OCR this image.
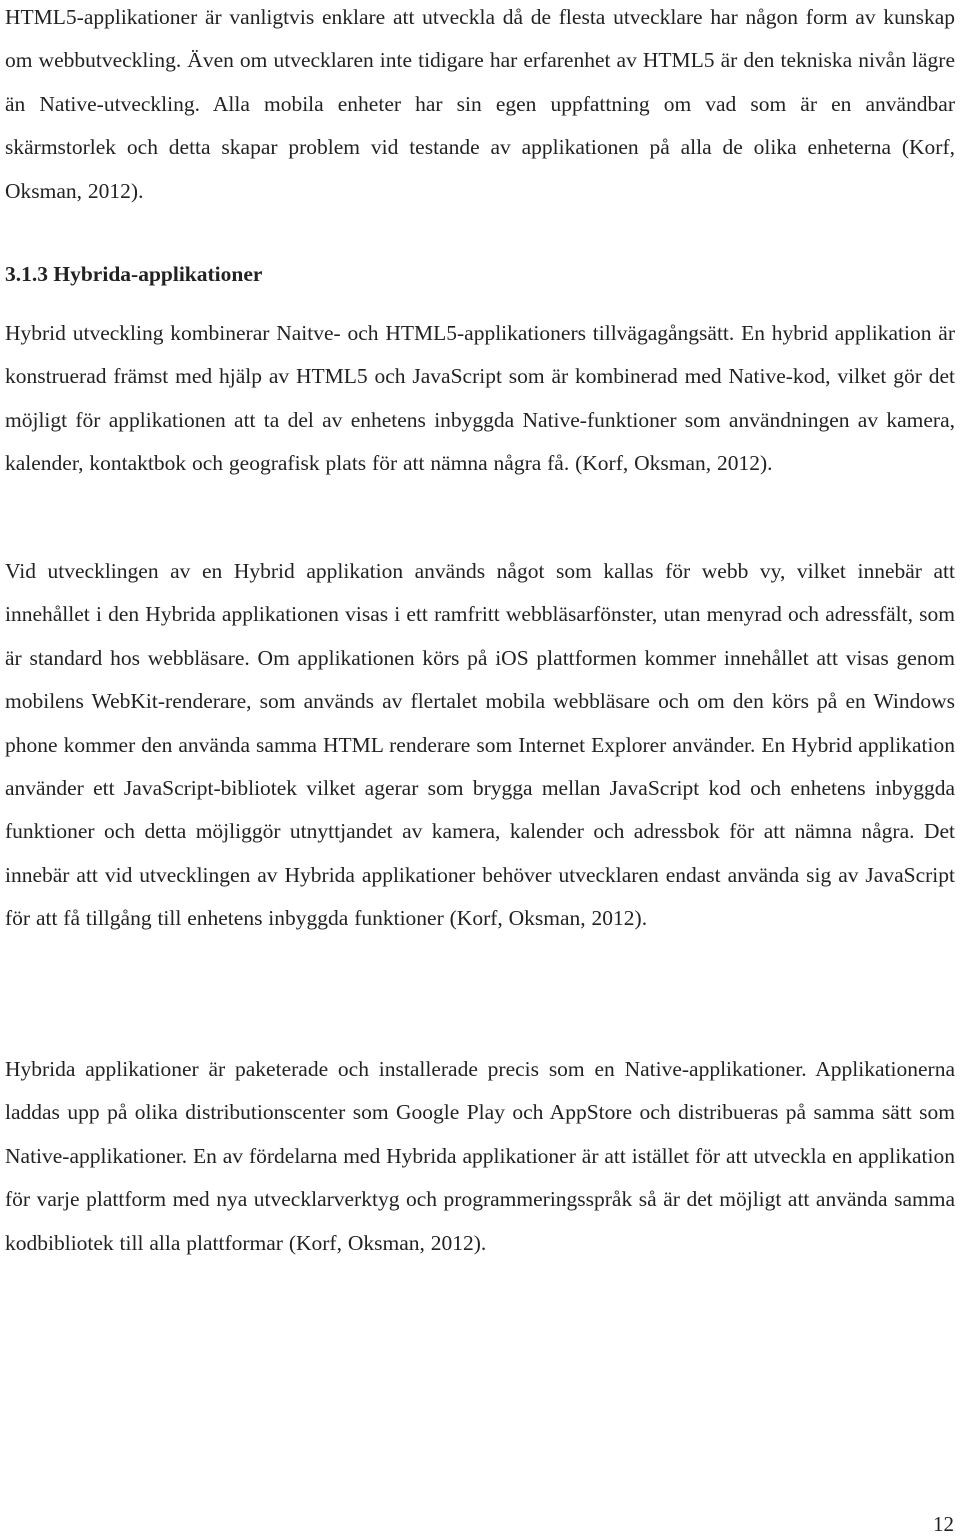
HTML5-applikationer är vanligtvis enklare att utveckla då de flesta utvecklare har någon form av kunskap om webbutveckling. Även om utvecklaren inte tidigare har erfarenhet av HTML5 är den tekniska nivån lägre än Native-utveckling. Alla mobila enheter har sin egen uppfattning om vad som är en användbar skärmstorlek och detta skapar problem vid testande av applikationen på alla de olika enheterna (Korf, Oksman, 2012).

3.1.3 Hybrida-applikationer

Hybrid utveckling kombinerar Naitve- och HTML5-applikationers tillvägagångsätt. En hybrid applikation är konstruerad främst med hjälp av HTML5 och JavaScript som är kombinerad med Native-kod, vilket gör det möjligt för applikationen att ta del av enhetens inbyggda Native-funktioner som användningen av kamera, kalender, kontaktbok och geografisk plats för att nämna några få. (Korf, Oksman, 2012).

Vid utvecklingen av en Hybrid applikation används något som kallas för webb vy, vilket innebär att innehållet i den Hybrida applikationen visas i ett ramfritt webbläsarfönster, utan menyrad och adressfält, som är standard hos webbläsare. Om applikationen körs på iOS plattformen kommer innehållet att visas genom mobilens WebKit-renderare, som används av flertalet mobila webbläsare och om den körs på en Windows phone kommer den använda samma HTML renderare som Internet Explorer använder. En Hybrid applikation använder ett JavaScript-bibliotek vilket agerar som brygga mellan JavaScript kod och enhetens inbyggda funktioner och detta möjliggör utnyttjandet av kamera, kalender och adressbok för att nämna några. Det innebär att vid utvecklingen av Hybrida applikationer behöver utvecklaren endast använda sig av JavaScript för att få tillgång till enhetens inbyggda funktioner (Korf, Oksman, 2012).

Hybrida applikationer är paketerade och installerade precis som en Native-applikationer. Applikationerna laddas upp på olika distributionscenter som Google Play och AppStore och distribueras på samma sätt som Native-applikationer. En av fördelarna med Hybrida applikationer är att istället för att utveckla en applikation för varje plattform med nya utvecklarverktyg och programmeringsspråk så är det möjligt att använda samma kodbibliotek till alla plattformar (Korf, Oksman, 2012).

12
